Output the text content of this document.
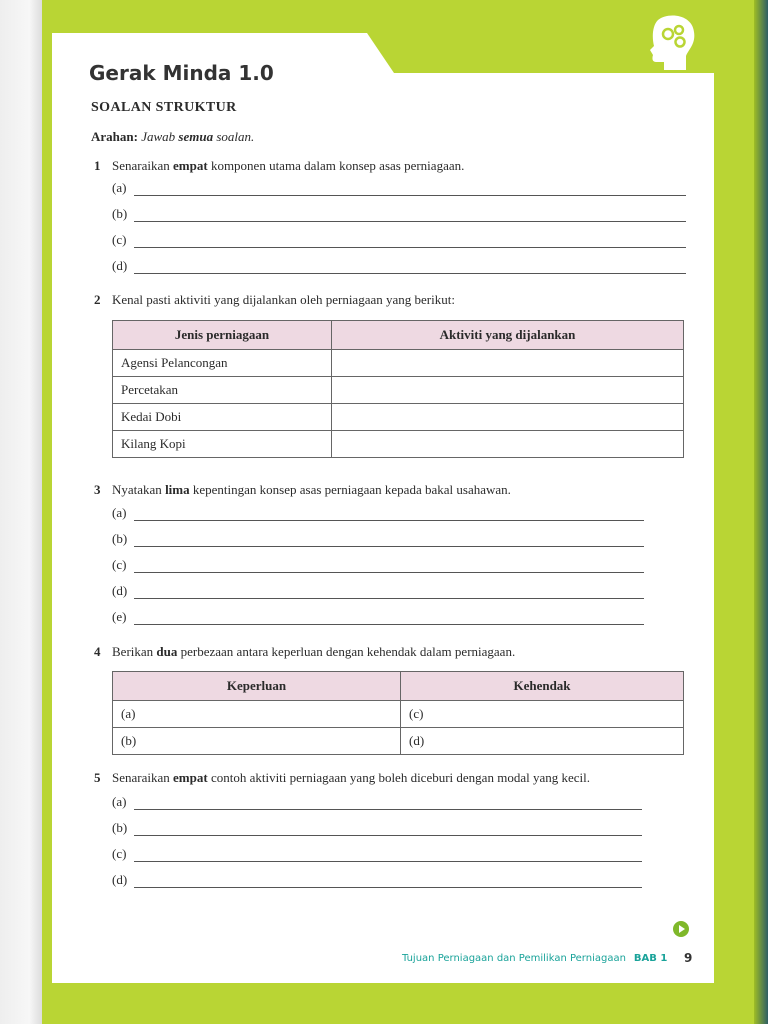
Gerak Minda 1.0
SOALAN STRUKTUR
Arahan: Jawab semua soalan.
1 Senaraikan empat komponen utama dalam konsep asas perniagaan.
(a)
(b)
(c)
(d)
2 Kenal pasti aktiviti yang dijalankan oleh perniagaan yang berikut:
Jenis perniagaan	Aktiviti yang dijalankan
Agensi Pelancongan	
Percetakan	
Kedai Dobi	
Kilang Kopi	
3 Nyatakan lima kepentingan konsep asas perniagaan kepada bakal usahawan.
(a)
(b)
(c)
(d)
(e)
4 Berikan dua perbezaan antara keperluan dengan kehendak dalam perniagaan.
Keperluan	Kehendak
(a)	(c)
(b)	(d)
5 Senaraikan empat contoh aktiviti perniagaan yang boleh diceburi dengan modal yang kecil.
(a)
(b)
(c)
(d)
Tujuan Perniagaan dan Pemilikan Perniagaan BAB 1 9
